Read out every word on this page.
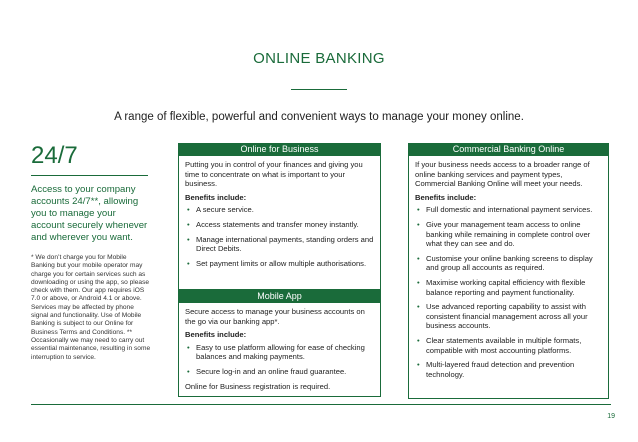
ONLINE BANKING
A range of flexible, powerful and convenient ways to manage your money online.
24/7
Access to your company accounts 24/7**, allowing you to manage your account securely whenever and wherever you want.
* We don’t charge you for Mobile Banking but your mobile operator may charge you for certain services such as downloading or using the app, so please check with them. Our app requires iOS 7.0 or above, or Android 4.1 or above. Services may be affected by phone signal and functionality. Use of Mobile Banking is subject to our Online for Business Terms and Conditions. ** Occasionally we may need to carry out essential maintenance, resulting in some interruption to service.
Online for Business

Putting you in control of your finances and giving you time to concentrate on what is important to your business.

Benefits include:
• A secure service.
• Access statements and transfer money instantly.
• Manage international payments, standing orders and Direct Debits.
• Set payment limits or allow multiple authorisations.
Mobile App

Secure access to manage your business accounts on the go via our banking app*.

Benefits include:
• Easy to use platform allowing for ease of checking balances and making payments.
• Secure log-in and an online fraud guarantee.

Online for Business registration is required.

Commercial Banking Online

If your business needs access to a broader range of online banking services and payment types, Commercial Banking Online will meet your needs.

Benefits include:
• Full domestic and international payment services.
• Give your management team access to online banking while remaining in complete control over what they can see and do.
• Customise your online banking screens to display and group all accounts as required.
• Maximise working capital efficiency with flexible balance reporting and payment functionality.
• Use advanced reporting capability to assist with consistent financial management across all your business accounts.
• Clear statements available in multiple formats, compatible with most accounting platforms.
• Multi-layered fraud detection and prevention technology.
19
